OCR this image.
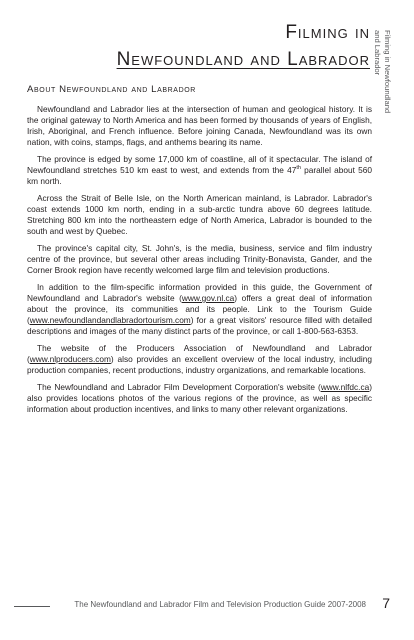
Filming in
Newfoundland and Labrador Filming in Newfoundland
and Labrador
About Newfoundland and Labrador

Newfoundland and Labrador lies at the intersection of human and geological history. It is the original gateway to North America and has been formed by thousands of years of English, Irish, Aboriginal, and French influence. Before joining Canada, Newfoundland was its own nation, with coins, stamps, flags, and anthems bearing its name.

The province is edged by some 17,000 km of coastline, all of it spectacular. The island of Newfoundland stretches 510 km east to west, and extends from the 47th parallel about 560 km north.

Across the Strait of Belle Isle, on the North American mainland, is Labrador. Labrador's coast extends 1000 km north, ending in a sub-arctic tundra above 60 degrees latitude. Stretching 800 km into the northeastern edge of North America, Labrador is bounded to the south and west by Quebec.

The province's capital city, St. John's, is the media, business, service and film industry centre of the province, but several other areas including Trinity-Bonavista, Gander, and the Corner Brook region have recently welcomed large film and television productions.

In addition to the film-specific information provided in this guide, the Government of Newfoundland and Labrador's website (www.gov.nl.ca) offers a great deal of information about the province, its communities and its people. Link to the Tourism Guide (www.newfoundlandandlabradortourism.com) for a great visitors' resource filled with detailed descriptions and images of the many distinct parts of the province, or call 1-800-563-6353.

The website of the Producers Association of Newfoundland and Labrador (www.nlproducers.com) also provides an excellent overview of the local industry, including production companies, recent productions, industry organizations, and remarkable locations.

The Newfoundland and Labrador Film Development Corporation's website (www.nlfdc.ca) also provides locations photos of the various regions of the province, as well as specific information about production incentives, and links to many other relevant organizations.

The Newfoundland and Labrador Film and Television Production Guide 2007-2008 7
